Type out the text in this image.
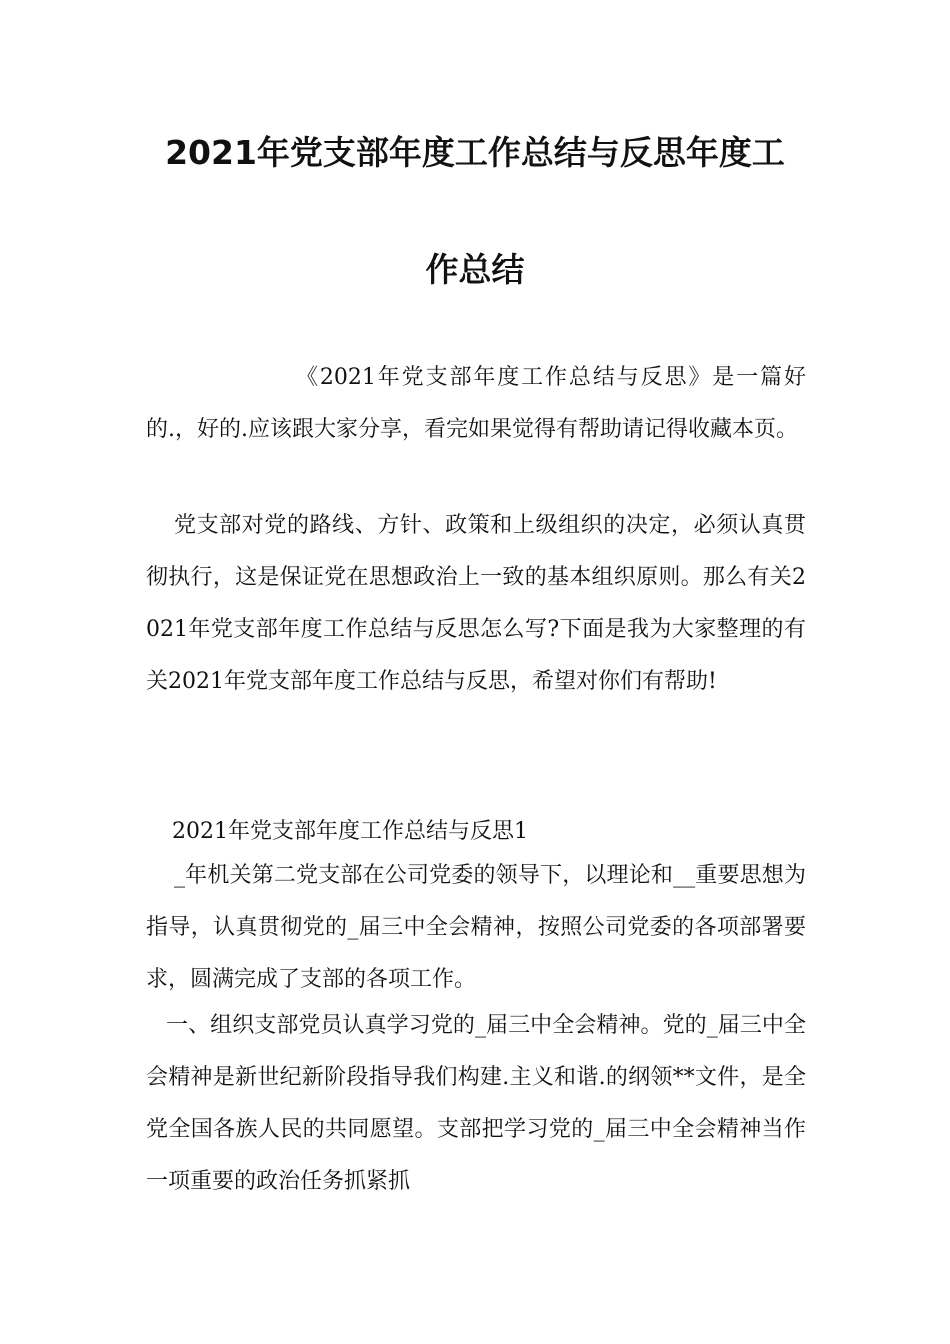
2021年党支部年度工作总结与反思年度工
作总结

《2021年党支部年度工作总结与反思》是一篇好的.，好的.应该跟大家分享，看完如果觉得有帮助请记得收藏本页。

党支部对党的路线、方针、政策和上级组织的决定，必须认真贯彻执行，这是保证党在思想政治上一致的基本组织原则。那么有关2021年党支部年度工作总结与反思怎么写?下面是我为大家整理的有关2021年党支部年度工作总结与反思，希望对你们有帮助!

2021年党支部年度工作总结与反思1

_年机关第二党支部在公司党委的领导下，以理论和__重要思想为指导，认真贯彻党的_届三中全会精神，按照公司党委的各项部署要求，圆满完成了支部的各项工作。

一、组织支部党员认真学习党的_届三中全会精神。党的_届三中全会精神是新世纪新阶段指导我们构建.主义和谐.的纲领**文件，是全党全国各族人民的共同愿望。支部把学习党的_届三中全会精神当作一项重要的政治任务抓紧抓
